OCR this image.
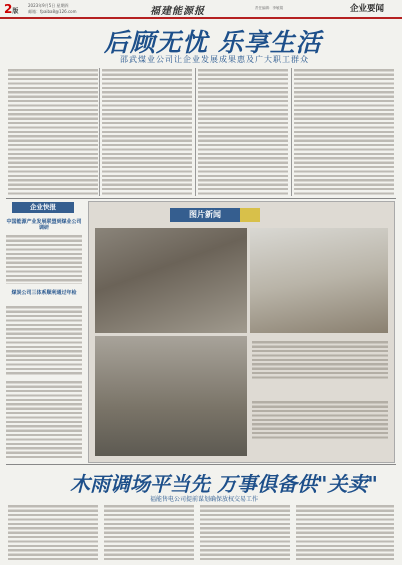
2版
2023年9月5日 星期四
邮箱：fpaiba8@126.com	福建能源报	责任编辑：李敏娟	企业要闻
后顾无忧 乐享生活
邵武煤业公司让企业发展成果惠及广大职工群众
企业快报
中国能源产业发展联盟到煤业公司调研
煤炭公司三体系顺利通过年检
图片新闻
木雨调场平当先 万事俱备供"关卖"
福能售电公司提前谋划确保放权交易工作
